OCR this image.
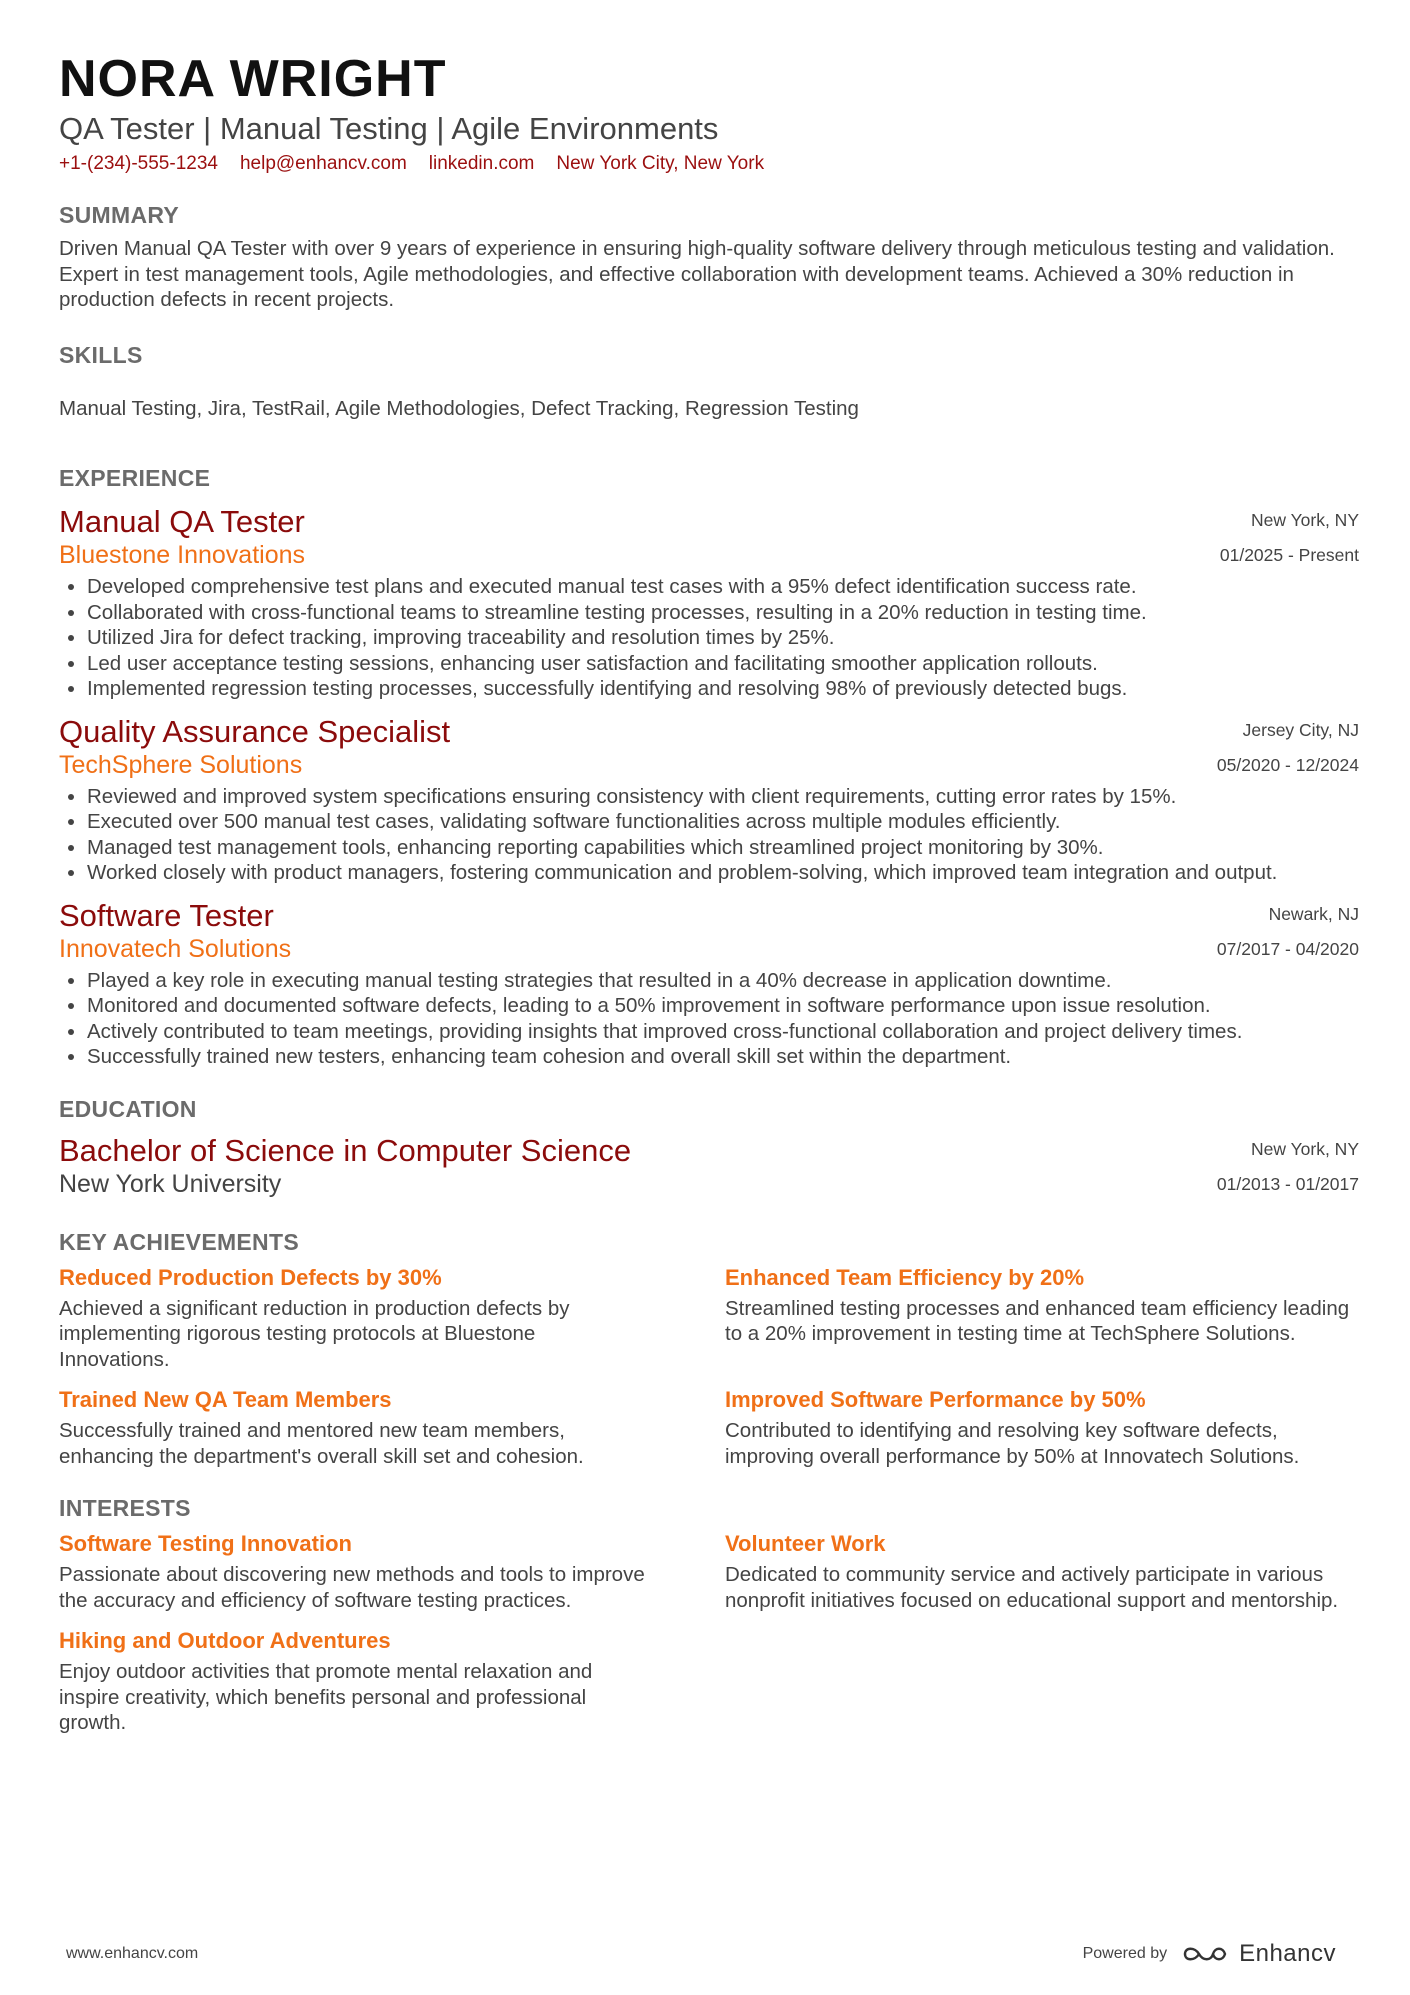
NORA WRIGHT
QA Tester | Manual Testing | Agile Environments
+1-(234)-555-1234 help@enhancv.com linkedin.com New York City, New York
SUMMARY
Driven Manual QA Tester with over 9 years of experience in ensuring high-quality software delivery through meticulous testing and validation. Expert in test management tools, Agile methodologies, and effective collaboration with development teams. Achieved a 30% reduction in production defects in recent projects.
SKILLS
Manual Testing, Jira, TestRail, Agile Methodologies, Defect Tracking, Regression Testing
EXPERIENCE
Manual QA Tester
Bluestone Innovations
New York, NY
01/2025 - Present
• Developed comprehensive test plans and executed manual test cases with a 95% defect identification success rate.
• Collaborated with cross-functional teams to streamline testing processes, resulting in a 20% reduction in testing time.
• Utilized Jira for defect tracking, improving traceability and resolution times by 25%.
• Led user acceptance testing sessions, enhancing user satisfaction and facilitating smoother application rollouts.
• Implemented regression testing processes, successfully identifying and resolving 98% of previously detected bugs.
Quality Assurance Specialist
TechSphere Solutions
Jersey City, NJ
05/2020 - 12/2024
• Reviewed and improved system specifications ensuring consistency with client requirements, cutting error rates by 15%.
• Executed over 500 manual test cases, validating software functionalities across multiple modules efficiently.
• Managed test management tools, enhancing reporting capabilities which streamlined project monitoring by 30%.
• Worked closely with product managers, fostering communication and problem-solving, which improved team integration and output.
Software Tester
Innovatech Solutions
Newark, NJ
07/2017 - 04/2020
• Played a key role in executing manual testing strategies that resulted in a 40% decrease in application downtime.
• Monitored and documented software defects, leading to a 50% improvement in software performance upon issue resolution.
• Actively contributed to team meetings, providing insights that improved cross-functional collaboration and project delivery times.
• Successfully trained new testers, enhancing team cohesion and overall skill set within the department.
EDUCATION
Bachelor of Science in Computer Science
New York University
New York, NY
01/2013 - 01/2017
KEY ACHIEVEMENTS
Reduced Production Defects by 30%
Achieved a significant reduction in production defects by implementing rigorous testing protocols at Bluestone Innovations.
Enhanced Team Efficiency by 20%
Streamlined testing processes and enhanced team efficiency leading to a 20% improvement in testing time at TechSphere Solutions.
Trained New QA Team Members
Successfully trained and mentored new team members, enhancing the department's overall skill set and cohesion.
Improved Software Performance by 50%
Contributed to identifying and resolving key software defects, improving overall performance by 50% at Innovatech Solutions.
INTERESTS
Software Testing Innovation
Passionate about discovering new methods and tools to improve the accuracy and efficiency of software testing practices.
Volunteer Work
Dedicated to community service and actively participate in various nonprofit initiatives focused on educational support and mentorship.
Hiking and Outdoor Adventures
Enjoy outdoor activities that promote mental relaxation and inspire creativity, which benefits personal and professional growth.
www.enhancv.com	Powered by	Enhancv
